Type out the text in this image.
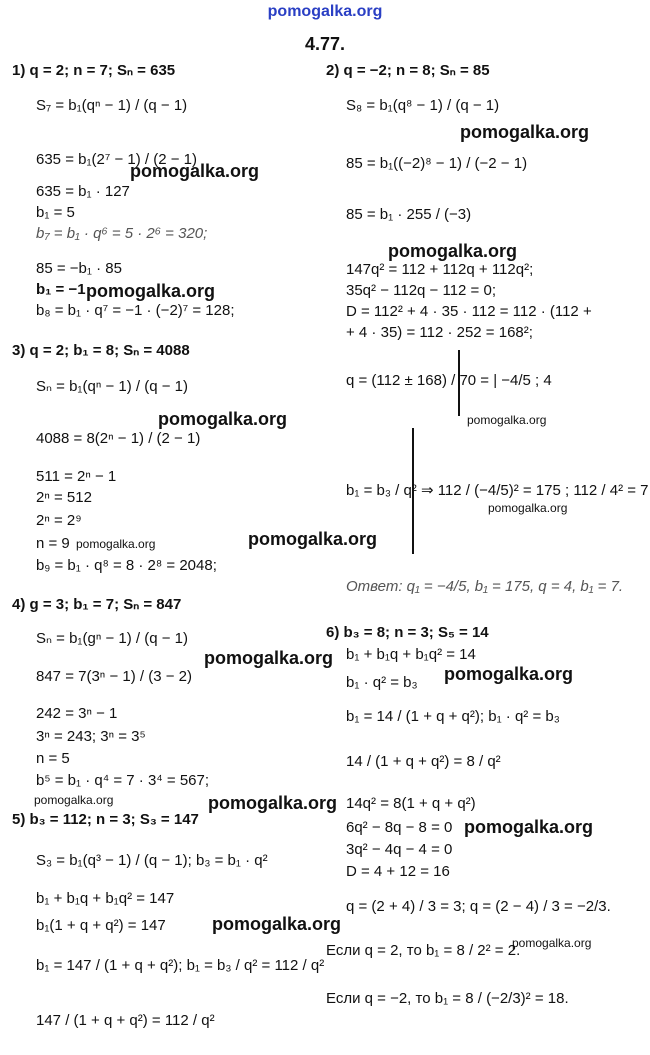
pomogalka.org
4.77.
1) q = 2; n = 7; Sₙ = 635
S₇ = b₁(qⁿ − 1) / (q − 1)
635 = b₁(2⁷ − 1) / (2 − 1)
635 = b₁ · 127
b₁ = 5
b₇ = b₁ · q⁶ = 5 · 2⁶ = 320;
85 = −b₁ · 85
b₁ = −1
b₈ = b₁ · q⁷ = −1 · (−2)⁷ = 128;
3) q = 2; b₁ = 8; Sₙ = 4088
Sₙ = b₁(qⁿ − 1) / (q − 1)
4088 = 8(2ⁿ − 1) / (2 − 1)
511 = 2ⁿ − 1
2ⁿ = 512
2ⁿ = 2⁹
n = 9
b₉ = b₁ · q⁸ = 8 · 2⁸ = 2048;
4) g = 3; b₁ = 7; Sₙ = 847
Sₙ = b₁(gⁿ − 1) / (q − 1)
847 = 7(3ⁿ − 1) / (3 − 2)
242 = 3ⁿ − 1
3ⁿ = 243; 3ⁿ = 3⁵
n = 5
b⁵ = b₁ · q⁴ = 7 · 3⁴ = 567;
5) b₃ = 112; n = 3; S₃ = 147
S₃ = b₁(q³ − 1) / (q − 1); b₃ = b₁ · q²
b₁ + b₁q + b₁q² = 147
b₁(1 + q + q²) = 147
b₁ = 147 / (1 + q + q²); b₁ = b₃ / q² = 112 / q²
147 / (1 + q + q²) = 112 / q²
2) q = −2; n = 8; Sₙ = 85
S₈ = b₁(q⁸ − 1) / (q − 1)
85 = b₁((−2)⁸ − 1) / (−2 − 1)
85 = b₁ · 255 / (−3)
147q² = 112 + 112q + 112q²;
35q² − 112q − 112 = 0;
D = 112² + 4 · 35 · 112 = 112 · (112 +
+ 4 · 35) = 112 · 252 = 168²;
q = (112 ± 168) / 70 = | −4/5 ; 4
b₁ = b₃ / q² ⇒ 112 / (−4/5)² = 175 ; 112 / 4² = 7
Ответ: q₁ = −4/5, b₁ = 175, q = 4, b₁ = 7.
6) b₃ = 8; n = 3; S₅ = 14
b₁ + b₁q + b₁q² = 14
b₁ · q² = b₃
b₁ = 14 / (1 + q + q²); b₁ · q² = b₃
14 / (1 + q + q²) = 8 / q²
14q² = 8(1 + q + q²)
6q² − 8q − 8 = 0
3q² − 4q − 4 = 0
D = 4 + 12 = 16
q = (2 + 4) / 3 = 3; q = (2 − 4) / 3 = −2/3.
Если q = 2, то b₁ = 8 / 2² = 2.
Если q = −2, то b₁ = 8 / (−2/3)² = 18.
pomogalka.org
pomogalka.org
pomogalka.org
pomogalka.org
pomogalka.org	pomogalka.org
pomogalka.org
pomogalka.org
pomogalka.org
pomogalka.org
pomogalka.org
pomogalka.org	pomogalka.org
pomogalka.org
pomogalka.org
pomogalka.org
